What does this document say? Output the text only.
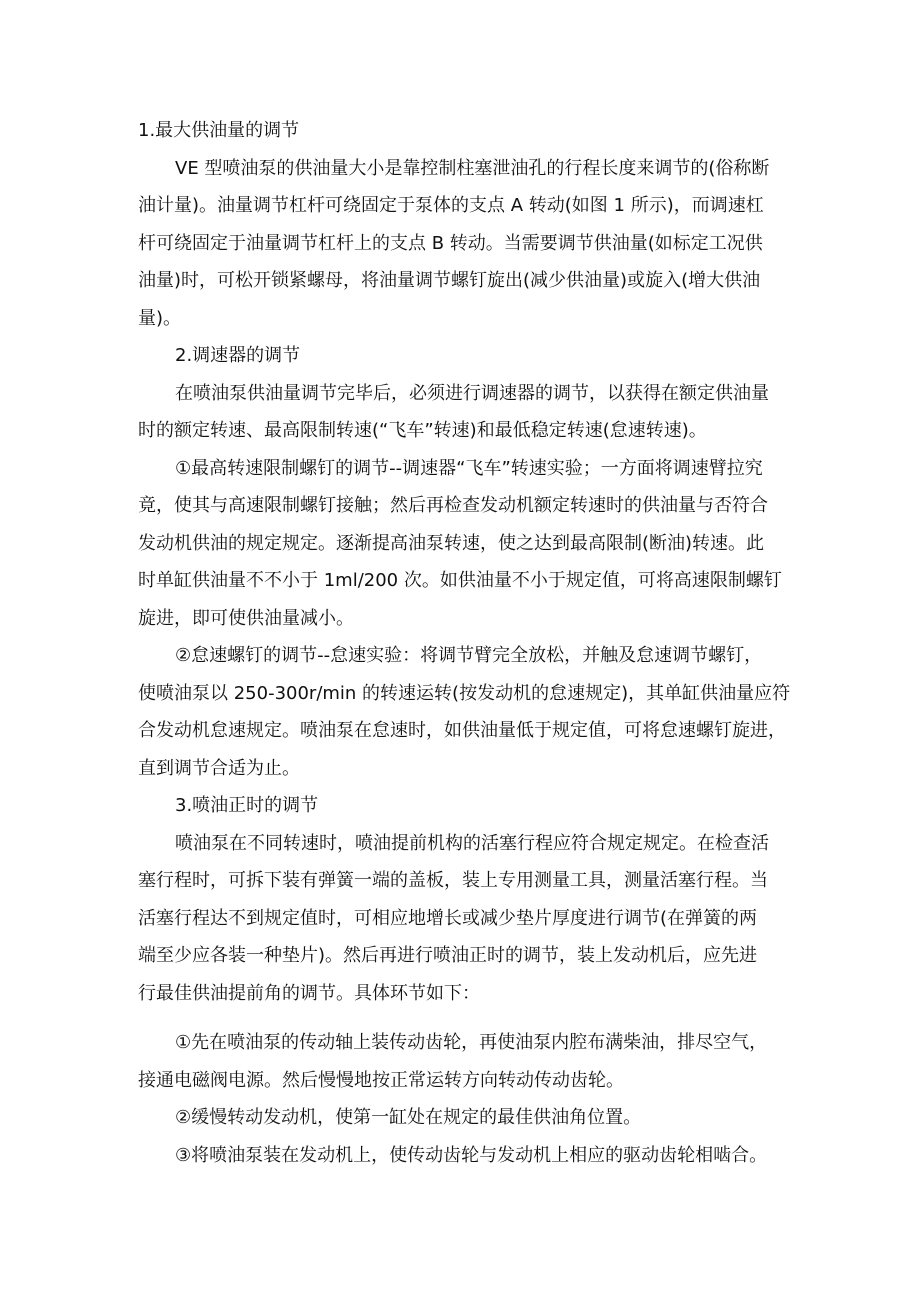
1.最大供油量的调节
VE 型喷油泵的供油量大小是靠控制柱塞泄油孔的行程长度来调节的(俗称断
油计量)。油量调节杠杆可绕固定于泵体的支点 A 转动(如图 1 所示)，而调速杠
杆可绕固定于油量调节杠杆上的支点 B 转动。当需要调节供油量(如标定工况供
油量)时，可松开锁紧螺母，将油量调节螺钉旋出(减少供油量)或旋入(增大供油
量)。
2.调速器的调节
在喷油泵供油量调节完毕后，必须进行调速器的调节，以获得在额定供油量
时的额定转速、最高限制转速(“飞车”转速)和最低稳定转速(怠速转速)。
①最高转速限制螺钉的调节--调速器“飞车”转速实验；一方面将调速臂拉究
竟，使其与高速限制螺钉接触；然后再检查发动机额定转速时的供油量与否符合
发动机供油的规定规定。逐渐提高油泵转速，使之达到最高限制(断油)转速。此
时单缸供油量不不小于 1ml/200 次。如供油量不小于规定值，可将高速限制螺钉
旋进，即可使供油量减小。
②怠速螺钉的调节--怠速实验：将调节臂完全放松，并触及怠速调节螺钉，
使喷油泵以 250-300r/min 的转速运转(按发动机的怠速规定)，其单缸供油量应符
合发动机怠速规定。喷油泵在怠速时，如供油量低于规定值，可将怠速螺钉旋进，
直到调节合适为止。
3.喷油正时的调节
喷油泵在不同转速时，喷油提前机构的活塞行程应符合规定规定。在检查活
塞行程时，可拆下装有弹簧一端的盖板，装上专用测量工具，测量活塞行程。当
活塞行程达不到规定值时，可相应地增长或减少垫片厚度进行调节(在弹簧的两
端至少应各装一种垫片)。然后再进行喷油正时的调节，装上发动机后，应先进
行最佳供油提前角的调节。具体环节如下：
①先在喷油泵的传动轴上装传动齿轮，再使油泵内腔布满柴油，排尽空气，
接通电磁阀电源。然后慢慢地按正常运转方向转动传动齿轮。
②缓慢转动发动机，使第一缸处在规定的最佳供油角位置。
③将喷油泵装在发动机上，使传动齿轮与发动机上相应的驱动齿轮相啮合。
